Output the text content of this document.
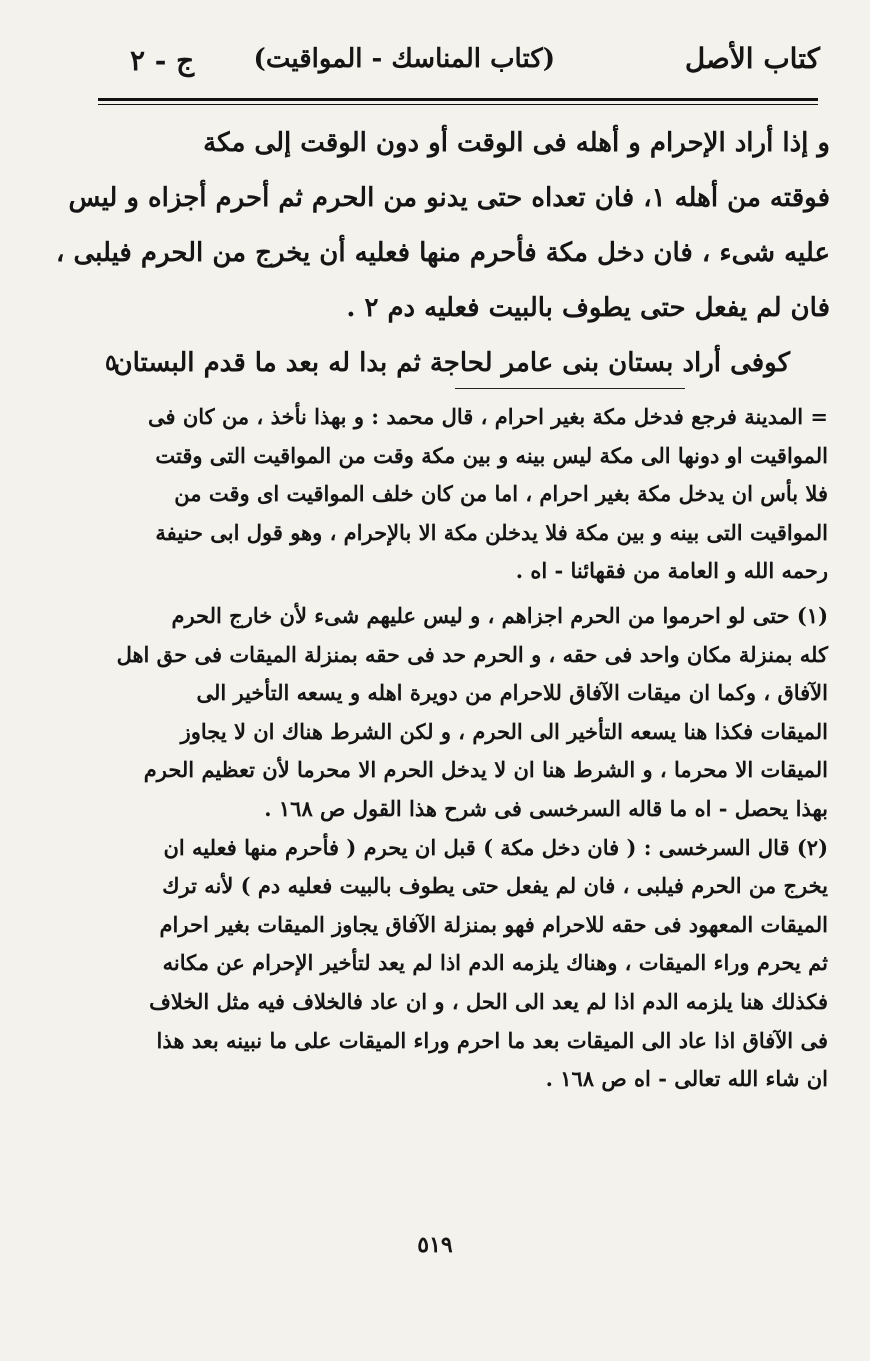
كتاب الأصل
(كتاب المناسك - المواقيت)
ج - ٢
و إذا أراد الإحرام و أهله فى الوقت أو دون الوقت إلى مكة
فوقته من أهله ١، فان تعداه حتى يدنو من الحرم ثم أحرم أجزاه و ليس
عليه شىء ، فان دخل مكة فأحرم منها فعليه أن يخرج من الحرم فيلبى ،
فان لم يفعل حتى يطوف بالبيت فعليه دم ٢ .
كوفى أراد بستان بنى عامر لحاجة ثم بدا له بعد ما قدم البستان
٥
= المدينة فرجع فدخل مكة بغير احرام ، قال محمد : و بهذا نأخذ ، من كان فى
المواقيت او دونها الى مكة ليس بينه و بين مكة وقت من المواقيت التى وقتت
فلا بأس ان يدخل مكة بغير احرام ، اما من كان خلف المواقيت اى وقت من
المواقيت التى بينه و بين مكة فلا يدخلن مكة الا بالإحرام ، وهو قول ابى حنيفة
رحمه الله و العامة من فقهائنا - اه .
(١) حتى لو احرموا من الحرم اجزاهم ، و ليس عليهم شىء لأن خارج الحرم
كله بمنزلة مكان واحد فى حقه ، و الحرم حد فى حقه بمنزلة الميقات فى حق اهل
الآفاق ، وكما ان ميقات الآفاق للاحرام من دويرة اهله و يسعه التأخير الى
الميقات فكذا هنا يسعه التأخير الى الحرم ، و لكن الشرط هناك ان لا يجاوز
الميقات الا محرما ، و الشرط هنا ان لا يدخل الحرم الا محرما لأن تعظيم الحرم
بهذا يحصل - اه ما قاله السرخسى فى شرح هذا القول ص ١٦٨ .
(٢) قال السرخسى : ( فان دخل مكة ) قبل ان يحرم ( فأحرم منها فعليه ان
يخرج من الحرم فيلبى ، فان لم يفعل حتى يطوف بالبيت فعليه دم ) لأنه ترك
الميقات المعهود فى حقه للاحرام فهو بمنزلة الآفاق يجاوز الميقات بغير احرام
ثم يحرم وراء الميقات ، وهناك يلزمه الدم اذا لم يعد لتأخير الإحرام عن مكانه
فكذلك هنا يلزمه الدم اذا لم يعد الى الحل ، و ان عاد فالخلاف فيه مثل الخلاف
فى الآفاق اذا عاد الى الميقات بعد ما احرم وراء الميقات على ما نبينه بعد هذا
ان شاء الله تعالى - اه ص ١٦٨ .
٥١٩
